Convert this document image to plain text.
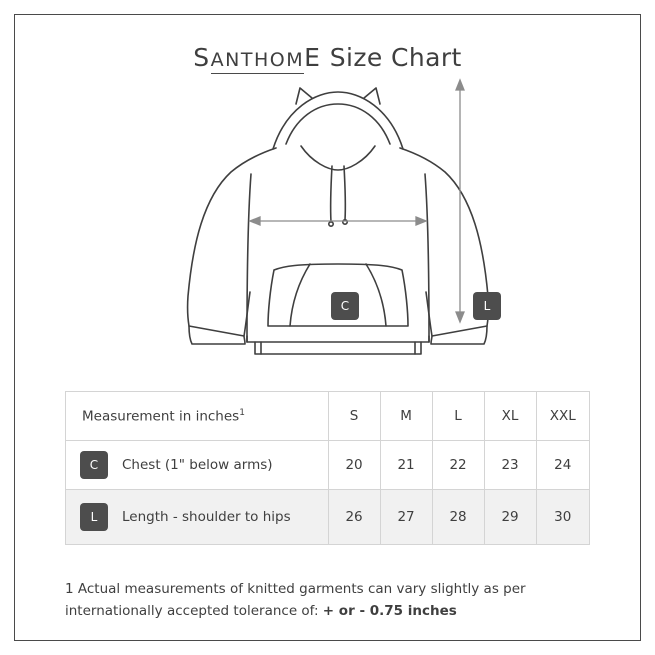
SANTHOME Size Chart
C	L
Measurement in inches$^1$	S	M	L	XL	XXL

C Chest (1" below arms)	20	21	22	23	24

L Length - shoulder to hips	26	27	28	29	30
1 Actual measurements of knitted garments can vary slightly as per internationally accepted tolerance of: + or - 0.75 inches
